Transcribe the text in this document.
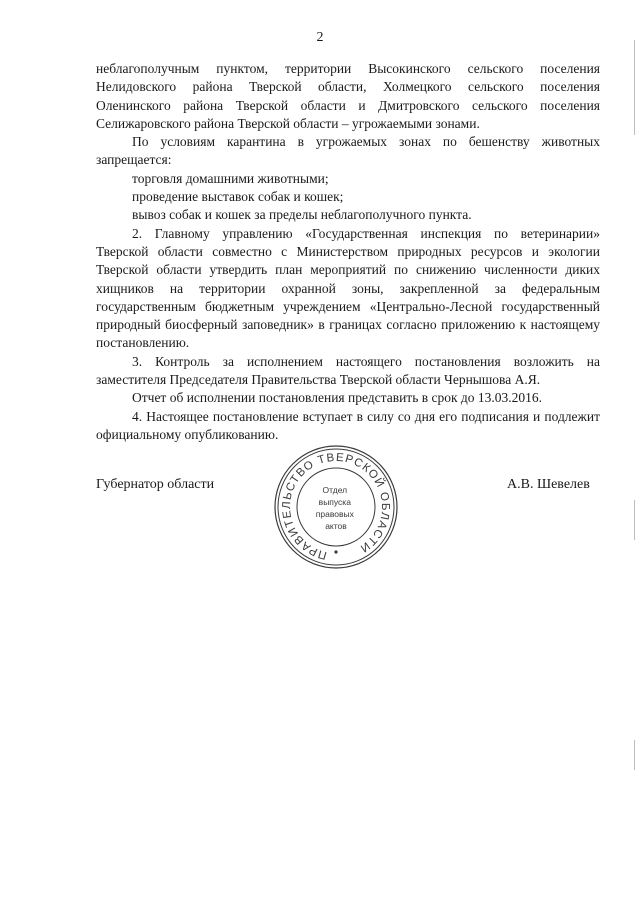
2

неблагополучным пунктом, территории Высокинского сельского поселения

Нелидовского района Тверской области, Холмецкого сельского поселения

Оленинского района Тверской области и Дмитровского сельского поселения

Селижаровского района Тверской области – угрожаемыми зонами.

По условиям карантина в угрожаемых зонах по бешенству животных запрещается:

торговля домашними животными;

проведение выставок собак и кошек;

вывоз собак и кошек за пределы неблагополучного пункта.

2. Главному управлению «Государственная инспекция по ветеринарии» Тверской области совместно с Министерством природных ресурсов и экологии Тверской области утвердить план мероприятий по снижению численности диких хищников на территории охранной зоны, закрепленной за федеральным государственным бюджетным учреждением «Центрально-Лесной государственный природный биосферный заповедник» в границах согласно приложению к настоящему постановлению.

3. Контроль за исполнением настоящего постановления возложить на заместителя Председателя Правительства Тверской области Чернышова А.Я.

Отчет об исполнении постановления представить в срок до 13.03.2016.

4. Настоящее постановление вступает в силу со дня его подписания и подлежит официальному опубликованию.

Губернатор области	А.В. Шевелев
ПРАВИТЕЛЬСТВО ТВЕРСКОЙ ОБЛАСТИ
Отдел выпуска правовых актов
